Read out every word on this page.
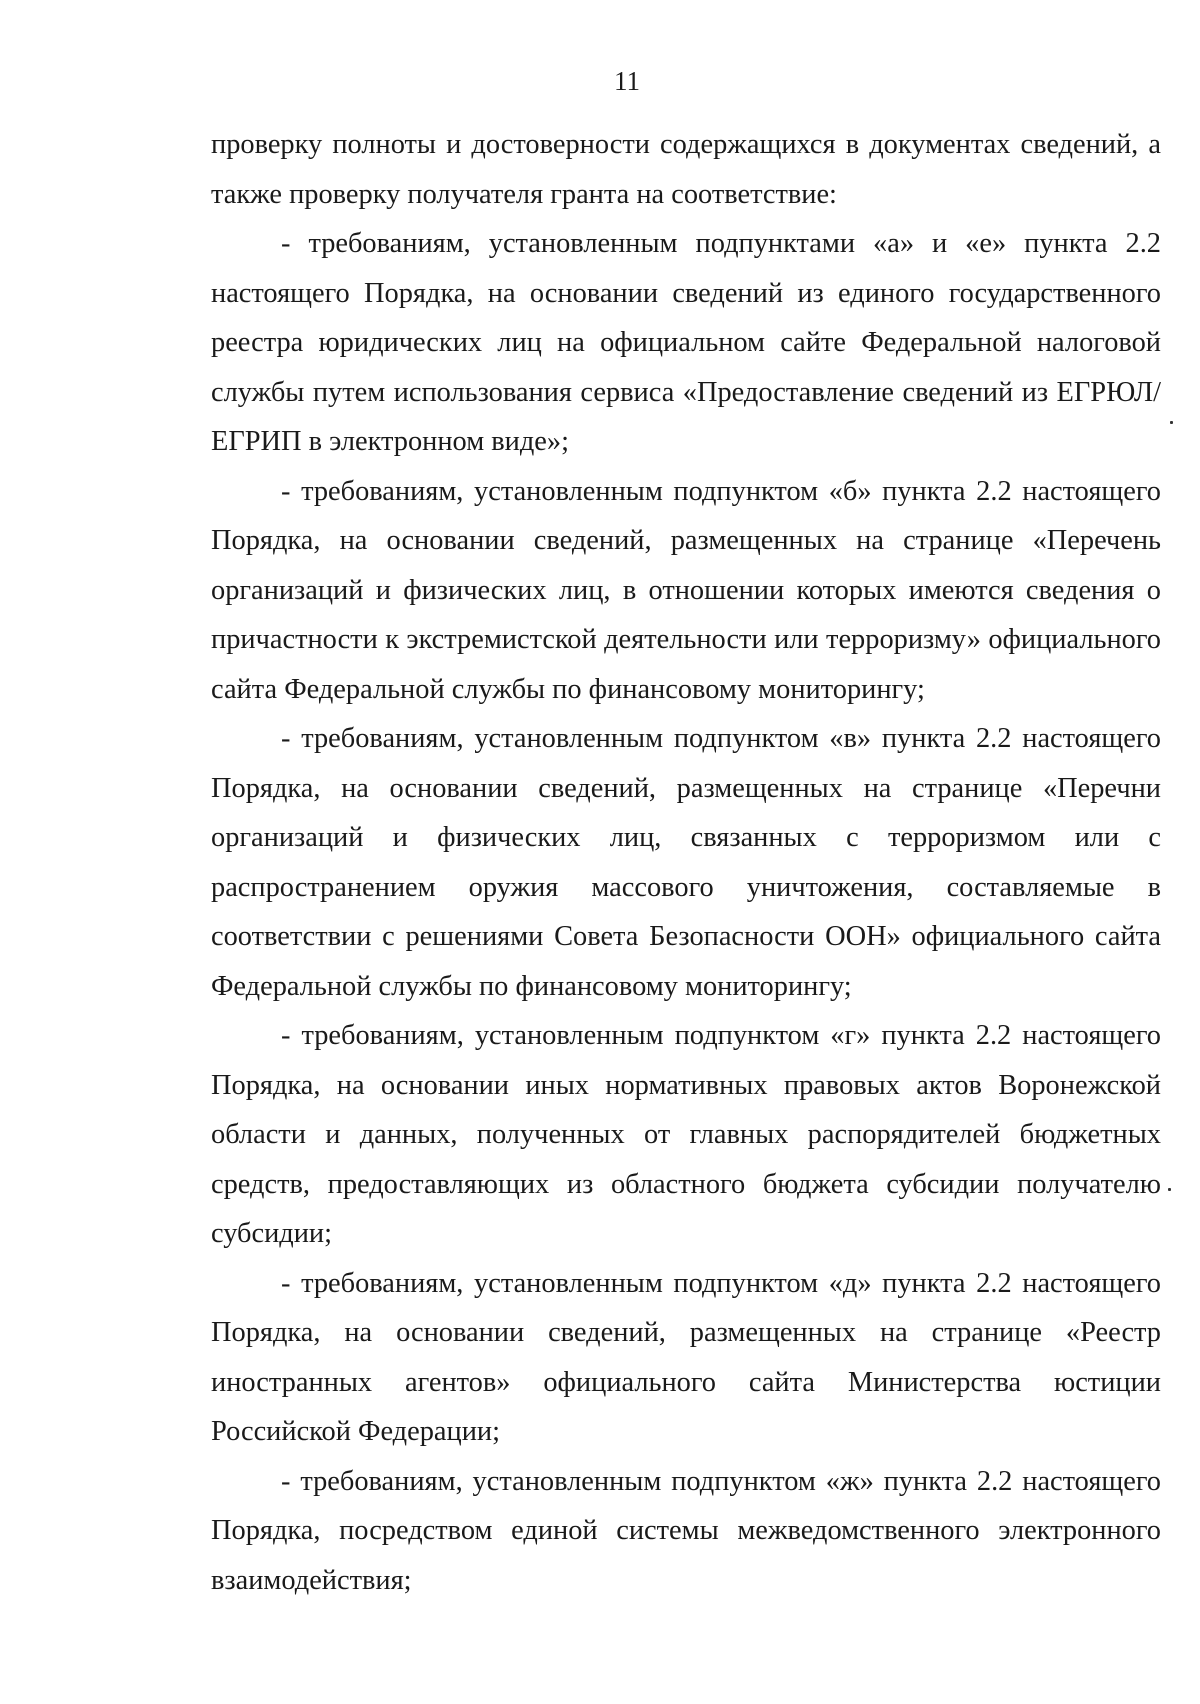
11

проверку полноты и достоверности содержащихся в документах сведений, а также проверку получателя гранта на соответствие:

- требованиям, установленным подпунктами «а» и «е» пункта 2.2 настоящего Порядка, на основании сведений из единого государственного реестра юридических лиц на официальном сайте Федеральной налоговой службы путем использования сервиса «Предоставление сведений из ЕГРЮЛ/ЕГРИП в электронном виде»;

- требованиям, установленным подпунктом «б» пункта 2.2 настоящего Порядка, на основании сведений, размещенных на странице «Перечень организаций и физических лиц, в отношении которых имеются сведения о причастности к экстремистской деятельности или терроризму» официального сайта Федеральной службы по финансовому мониторингу;

- требованиям, установленным подпунктом «в» пункта 2.2 настоящего Порядка, на основании сведений, размещенных на странице «Перечни организаций и физических лиц, связанных с терроризмом или с распространением оружия массового уничтожения, составляемые в соответствии с решениями Совета Безопасности ООН» официального сайта Федеральной службы по финансовому мониторингу;

- требованиям, установленным подпунктом «г» пункта 2.2 настоящего Порядка, на основании иных нормативных правовых актов Воронежской области и данных, полученных от главных распорядителей бюджетных средств, предоставляющих из областного бюджета субсидии получателю субсидии;

- требованиям, установленным подпунктом «д» пункта 2.2 настоящего Порядка, на основании сведений, размещенных на странице «Реестр иностранных агентов» официального сайта Министерства юстиции Российской Федерации;

- требованиям, установленным подпунктом «ж» пункта 2.2 настоящего Порядка, посредством единой системы межведомственного электронного взаимодействия;
